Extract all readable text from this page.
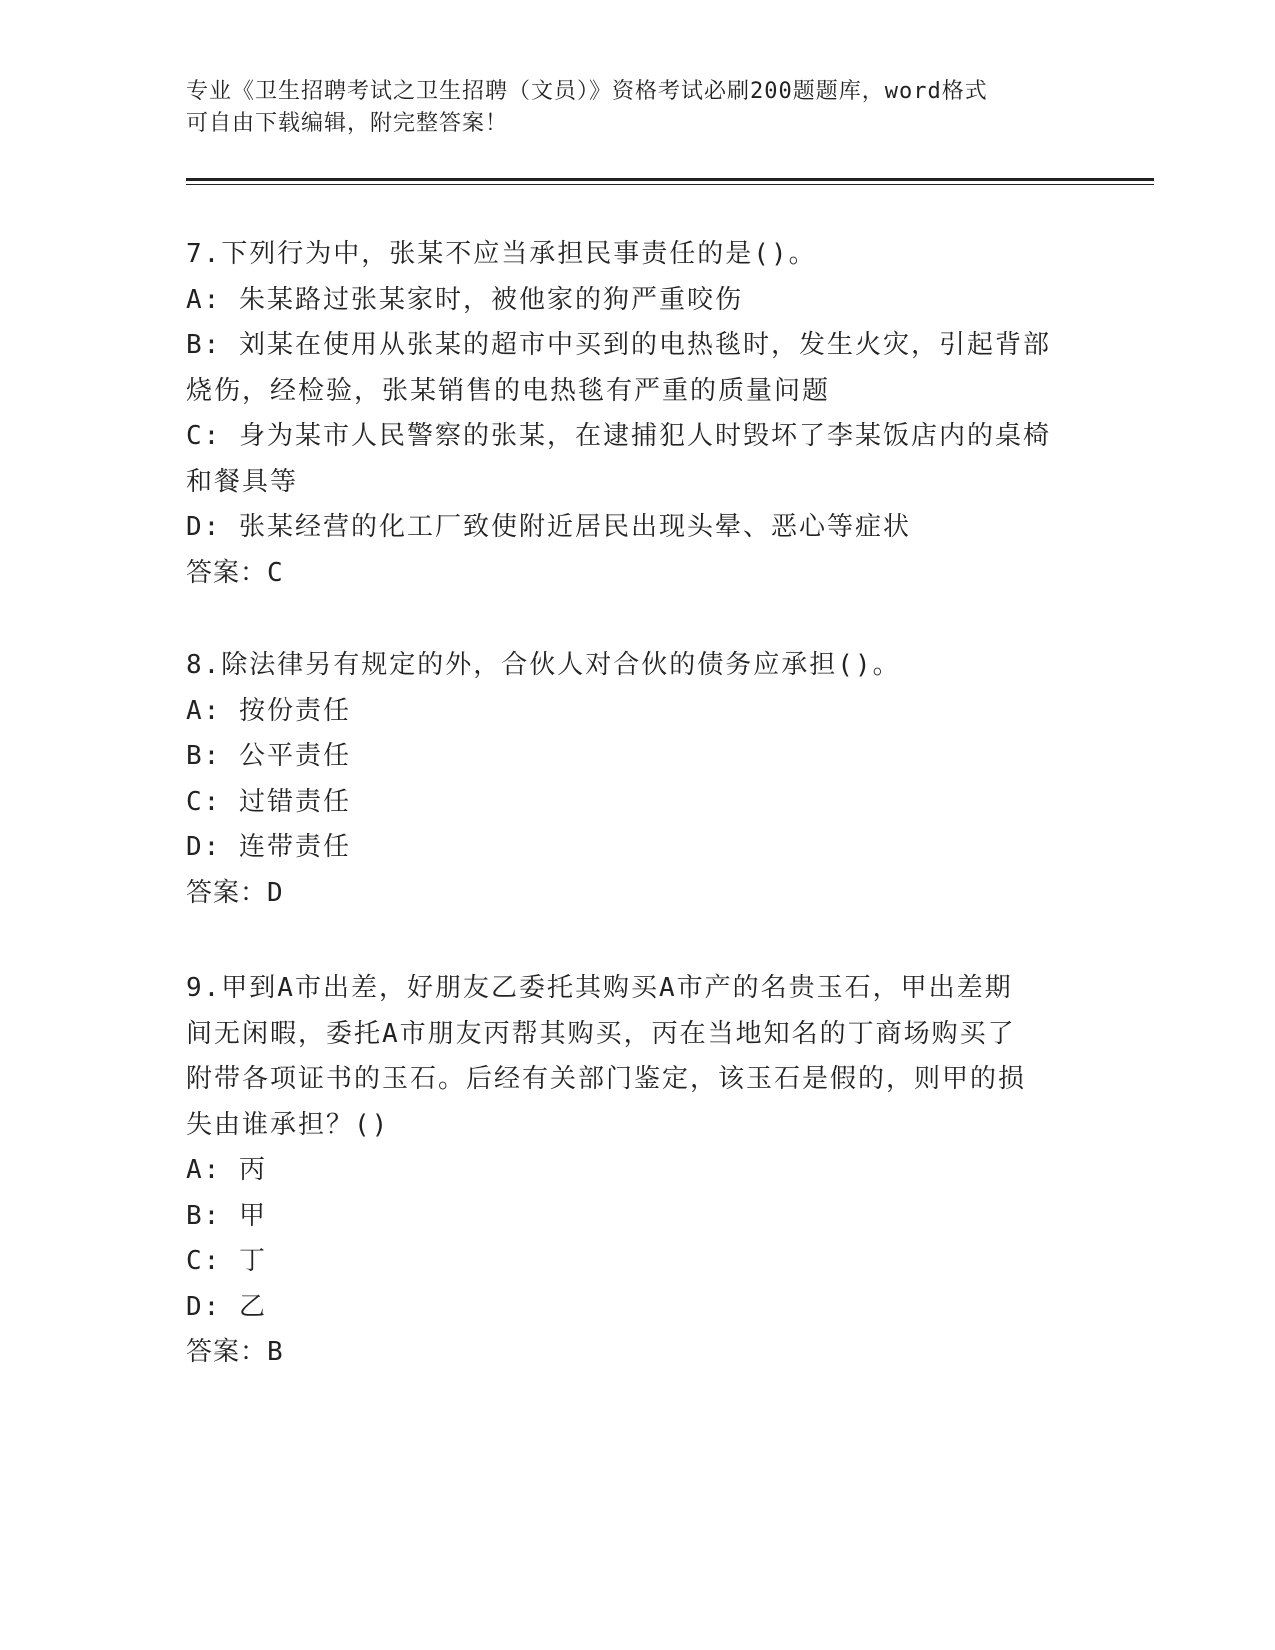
专业《卫生招聘考试之卫生招聘（文员）》资格考试必刷200题题库，word格式
可自由下载编辑，附完整答案！
7.下列行为中，张某不应当承担民事责任的是()。
A: 朱某路过张某家时，被他家的狗严重咬伤
B: 刘某在使用从张某的超市中买到的电热毯时，发生火灾，引起背部
烧伤，经检验，张某销售的电热毯有严重的质量问题
C: 身为某市人民警察的张某，在逮捕犯人时毁坏了李某饭店内的桌椅
和餐具等
D: 张某经营的化工厂致使附近居民出现头晕、恶心等症状
答案：C
8.除法律另有规定的外，合伙人对合伙的债务应承担()。
A: 按份责任
B: 公平责任
C: 过错责任
D: 连带责任
答案：D
9.甲到A市出差，好朋友乙委托其购买A市产的名贵玉石，甲出差期
间无闲暇，委托A市朋友丙帮其购买，丙在当地知名的丁商场购买了
附带各项证书的玉石。后经有关部门鉴定，该玉石是假的，则甲的损
失由谁承担？()
A: 丙
B: 甲
C: 丁
D: 乙
答案：B
